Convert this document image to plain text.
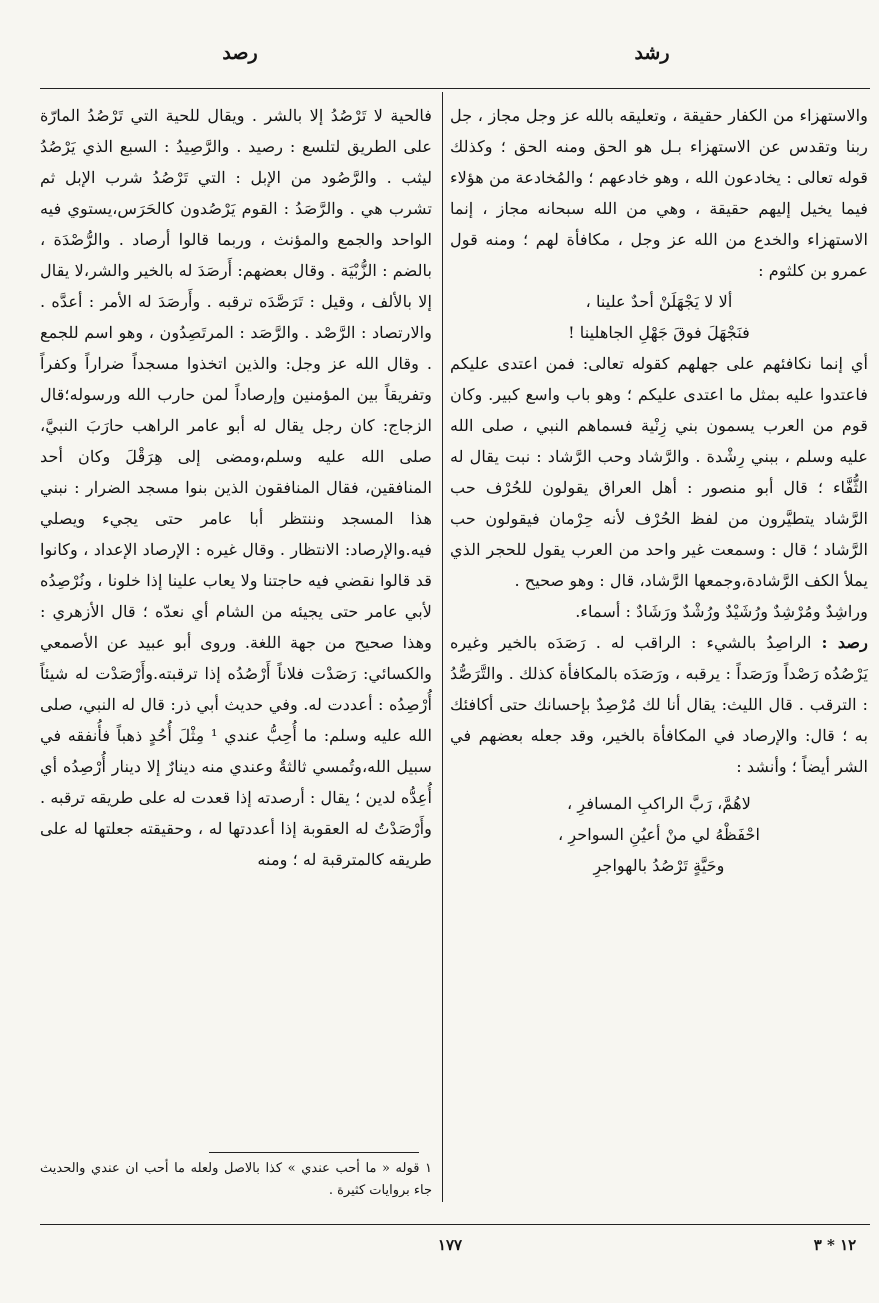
رشد
رصد

والاستهزاء من الكفار حقيقة ، وتعليقه بالله عز وجل مجاز ، جل ربنا وتقدس عن الاستهزاء بـل هو الحق ومنه الحق ؛ وكذلك قوله تعالى : يخادعون الله ، وهو خادعهم ؛ والمُخادعة من هؤلاء فيما يخيل إليهم حقيقة ، وهي من الله سبحانه مجاز ، إنما الاستهزاء والخدع من الله عز وجل ، مكافأة لهم ؛ ومنه قول عمرو بن كلثوم :

ألا لا يَجْهَلَنْ أحدٌ علينا ،
فنَجْهَلَ فوقَ جَهْلِ الجاهلينا !

أي إنما نكافئهم على جهلهم كقوله تعالى: فمن اعتدى عليكم فاعتدوا عليه بمثل ما اعتدى عليكم ؛ وهو باب واسع كبير. وكان قوم من العرب يسمون بني زِنْية فسماهم النبي ، صلى الله عليه وسلم ، ببني رِشْدة . والرَّشاد وحب الرَّشاد : نبت يقال له الثُّفَّاء ؛ قال أبو منصور : أهل العراق يقولون للحُرْف حب الرَّشاد يتطيَّرون من لفظ الحُرْف لأنه حِرْمان فيقولون حب الرَّشاد ؛ قال : وسمعت غير واحد من العرب يقول للحجر الذي يملأ الكف الرَّشادة،وجمعها الرَّشاد، قال : وهو صحيح .

وراشِدٌ ومُرْشِدٌ ورُشَيْدٌ ورُشْدٌ ورَشَادٌ : أسماء.

رصد : الراصِدُ بالشيء : الراقب له . رَصَدَه بالخير وغيره يَرْصُدُه رَصْداً ورَصَداً : يرقبه ، ورَصَدَه بالمكافأة كذلك . والتَّرَصُّدُ : الترقب . قال الليث: يقال أنا لك مُرْصِدٌ بإحسانك حتى أكافئك به ؛ قال: والإرصاد في المكافأة بالخير، وقد جعله بعضهم في الشر أيضاً ؛ وأنشد :

لاهُمَّ، رَبَّ الراكبِ المسافرِ ،
احْفَظْهُ لي منْ أعيُنِ السواحرِ ،
وحَيَّةٍ تَرْصُدُ بالهواجرِ

فالحية لا تَرْصُدُ إلا بالشر . ويقال للحية التي تَرْصُدُ المارّة على الطريق لتلسع : رصيد . والرَّصِيدُ : السبع الذي يَرْصُدُ ليثب . والرَّصُود من الإبل : التي تَرْصُدُ شرب الإبل ثم تشرب هي . والرَّصَدُ : القوم يَرْصُدون كالحَرَس،يستوي فيه الواحد والجمع والمؤنث ، وربما قالوا أرصاد . والرُّصْدَة ، بالضم : الزُّبْيَة . وقال بعضهم: أَرصَدَ له بالخير والشر،لا يقال إلا بالألف ، وقيل : تَرَصَّدَه ترقبه . وأَرصَدَ له الأمر : أعدَّه . والارتصاد : الرَّصْد . والرَّصَد : المرتَصِدُون ، وهو اسم للجمع . وقال الله عز وجل: والذين اتخذوا مسجداً ضراراً وكفراً وتفريقاً بين المؤمنين وإرصاداً لمن حارب الله ورسوله؛قال الزجاج: كان رجل يقال له أبو عامر الراهب حارَبَ النبيَّ، صلى الله عليه وسلم،ومضى إلى هِرَقْلَ وكان أحد المنافقين، فقال المنافقون الذين بنوا مسجد الضرار : نبني هذا المسجد وننتظر أبا عامر حتى يجيء ويصلي فيه.والإرصاد: الانتظار . وقال غيره : الإرصاد الإعداد ، وكانوا قد قالوا نقضي فيه حاجتنا ولا يعاب علينا إذا خلونا ، ونُرْصِدُه لأبي عامر حتى يجيئه من الشام أي نعدّه ؛ قال الأزهري : وهذا صحيح من جهة اللغة. وروى أبو عبيد عن الأصمعي والكسائي: رَصَدْت فلاناً أَرْصُدُه إذا ترقبته.وأَرْصَدْت له شيئاً أُرْصِدُه : أعددت له. وفي حديث أبي ذر: قال له النبي، صلى الله عليه وسلم: ما أُحِبُّ عندي ¹ مِثْلَ أُحُدٍ ذهباً فأُنفقه في سبيل الله،وتُمسي ثالثةٌ وعندي منه دينارٌ إلا دينار أُرْصِدُه أي أُعِدُّه لدين ؛ يقال : أرصدته إذا قعدت له على طريقه ترقبه . وأَرْصَدْتُ له العقوبة إذا أعددتها له ، وحقيقته جعلتها له على طريقه كالمترقبة له ؛ ومنه

١ قوله « ما أحب عندي » كذا بالاصل ولعله ما أحب ان عندي والحديث جاء بروايات كثيرة .
١٧٧	١٢ * ٣
